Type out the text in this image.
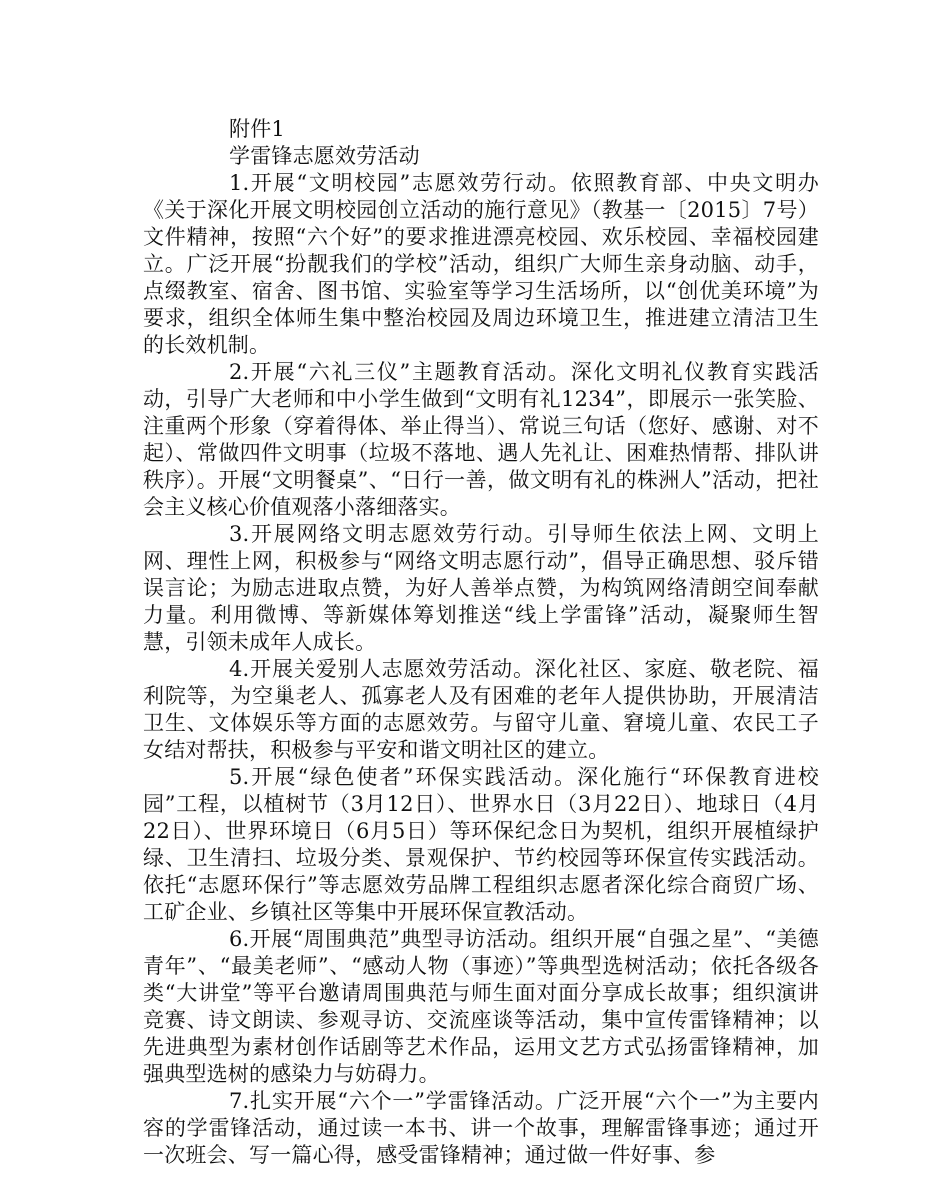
附件1

学雷锋志愿效劳活动

1.开展“文明校园”志愿效劳行动。依照教育部、中央文明办《关于深化开展文明校园创立活动的施行意见》（教基一〔2015〕7号）文件精神，按照“六个好”的要求推进漂亮校园、欢乐校园、幸福校园建立。广泛开展“扮靓我们的学校”活动，组织广大师生亲身动脑、动手，点缀教室、宿舍、图书馆、实验室等学习生活场所，以“创优美环境”为要求，组织全体师生集中整治校园及周边环境卫生，推进建立清洁卫生的长效机制。

2.开展“六礼三仪”主题教育活动。深化文明礼仪教育实践活动，引导广大老师和中小学生做到“文明有礼1234”，即展示一张笑脸、注重两个形象（穿着得体、举止得当）、常说三句话（您好、感谢、对不起）、常做四件文明事（垃圾不落地、遇人先礼让、困难热情帮、排队讲秩序）。开展“文明餐桌”、“日行一善，做文明有礼的株洲人”活动，把社会主义核心价值观落小落细落实。

3.开展网络文明志愿效劳行动。引导师生依法上网、文明上网、理性上网，积极参与“网络文明志愿行动”，倡导正确思想、驳斥错误言论；为励志进取点赞，为好人善举点赞，为构筑网络清朗空间奉献力量。利用微博、等新媒体筹划推送“线上学雷锋”活动，凝聚师生智慧，引领未成年人成长。

4.开展关爱别人志愿效劳活动。深化社区、家庭、敬老院、福利院等，为空巢老人、孤寡老人及有困难的老年人提供协助，开展清洁卫生、文体娱乐等方面的志愿效劳。与留守儿童、窘境儿童、农民工子女结对帮扶，积极参与平安和谐文明社区的建立。

5.开展“绿色使者”环保实践活动。深化施行“环保教育进校园”工程，以植树节（3月12日）、世界水日（3月22日）、地球日（4月22日）、世界环境日（6月5日）等环保纪念日为契机，组织开展植绿护绿、卫生清扫、垃圾分类、景观保护、节约校园等环保宣传实践活动。依托“志愿环保行”等志愿效劳品牌工程组织志愿者深化综合商贸广场、工矿企业、乡镇社区等集中开展环保宣教活动。

6.开展“周围典范”典型寻访活动。组织开展“自强之星”、“美德青年”、“最美老师”、“感动人物（事迹）”等典型选树活动；依托各级各类“大讲堂”等平台邀请周围典范与师生面对面分享成长故事；组织演讲竞赛、诗文朗读、参观寻访、交流座谈等活动，集中宣传雷锋精神；以先进典型为素材创作话剧等艺术作品，运用文艺方式弘扬雷锋精神，加强典型选树的感染力与妨碍力。

7.扎实开展“六个一”学雷锋活动。广泛开展“六个一”为主要内容的学雷锋活动，通过读一本书、讲一个故事，理解雷锋事迹；通过开一次班会、写一篇心得，感受雷锋精神；通过做一件好事、参
